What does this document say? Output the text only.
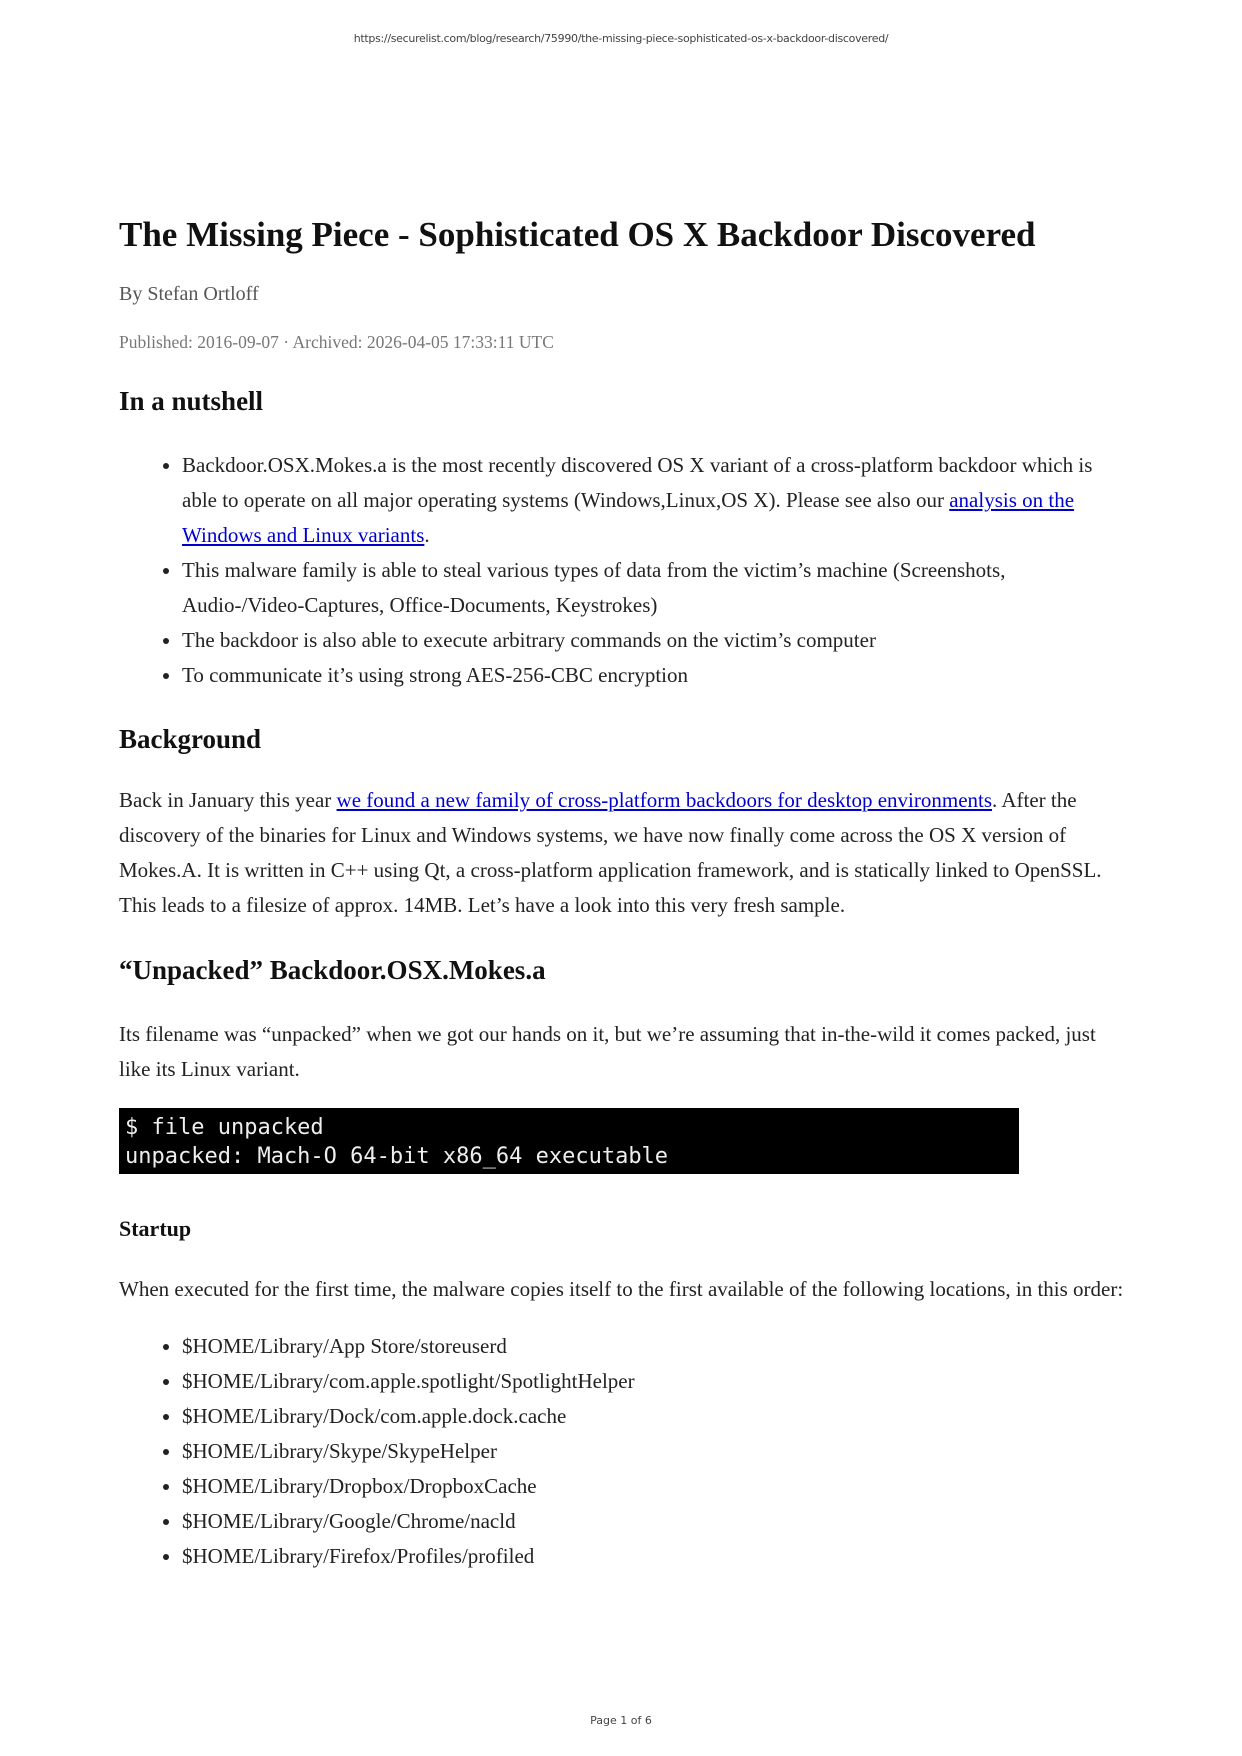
https://securelist.com/blog/research/75990/the-missing-piece-sophisticated-os-x-backdoor-discovered/
The Missing Piece - Sophisticated OS X Backdoor Discovered
By Stefan Ortloff
Published: 2016-09-07 · Archived: 2026-04-05 17:33:11 UTC
In a nutshell
• Backdoor.OSX.Mokes.a is the most recently discovered OS X variant of a cross-platform backdoor which is able to operate on all major operating systems (Windows,Linux,OS X). Please see also our analysis on the Windows and Linux variants.
• This malware family is able to steal various types of data from the victim’s machine (Screenshots, Audio-/Video-Captures, Office-Documents, Keystrokes)
• The backdoor is also able to execute arbitrary commands on the victim’s computer
• To communicate it’s using strong AES-256-CBC encryption
Background

Back in January this year we found a new family of cross-platform backdoors for desktop environments. After the discovery of the binaries for Linux and Windows systems, we have now finally come across the OS X version of Mokes.A. It is written in C++ using Qt, a cross-platform application framework, and is statically linked to OpenSSL. This leads to a filesize of approx. 14MB. Let’s have a look into this very fresh sample.

“Unpacked” Backdoor.OSX.Mokes.a

Its filename was “unpacked” when we got our hands on it, but we’re assuming that in-the-wild it comes packed, just like its Linux variant.

$ file unpacked
unpacked: Mach-O 64-bit x86_64 executable
Startup

When executed for the first time, the malware copies itself to the first available of the following locations, in this order:

• $HOME/Library/App Store/storeuserd
• $HOME/Library/com.apple.spotlight/SpotlightHelper
• $HOME/Library/Dock/com.apple.dock.cache
• $HOME/Library/Skype/SkypeHelper
• $HOME/Library/Dropbox/DropboxCache
• $HOME/Library/Google/Chrome/nacld
• $HOME/Library/Firefox/Profiles/profiled
Page 1 of 6
